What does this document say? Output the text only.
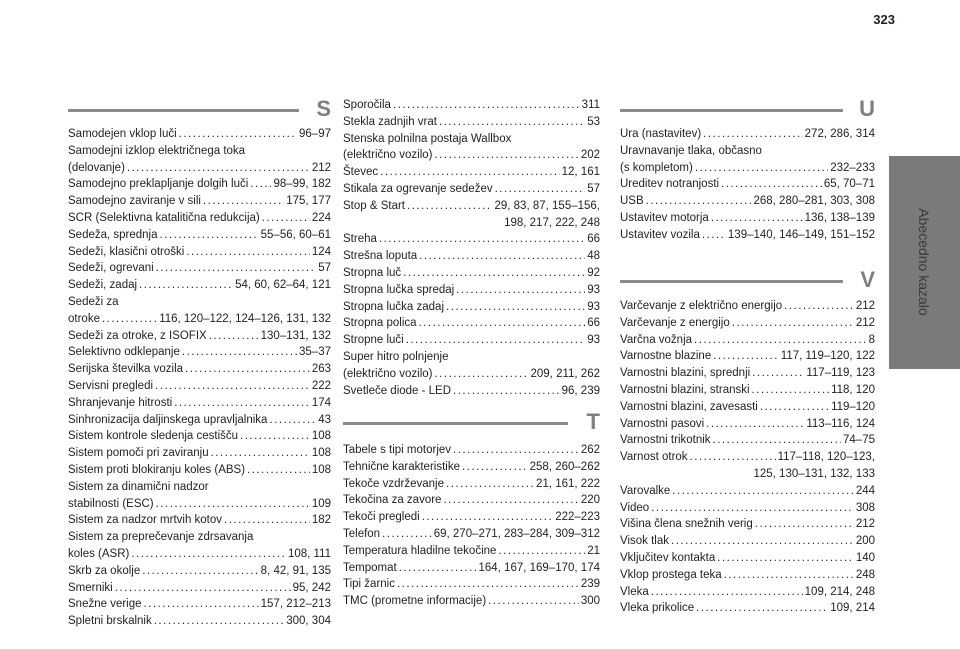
323
Abecedno kazalo
S
Samodejen vklop luči .....	96–97
Samodejni izklop električnega toka
(delovanje) .....	212
Samodejno preklapljanje dolgih luči ..... 98–99, 182
Samodejno zaviranje v sili .....	175, 177
SCR (Selektivna katalitična redukcija) .....	224
Sedeža, sprednja .....	55–56, 60–61
Sedeži, klasični otroški .....	124
Sedeži, ogrevani .....	57
Sedeži, zadaj .....	54, 60, 62–64, 121
Sedeži za
otroke .....	116, 120–122, 124–126, 131, 132
Sedeži za otroke, z ISOFIX .....	130–131, 132
Selektivno odklepanje .....	35–37
Serijska številka vozila .....	263
Servisni pregledi .....	222
Shranjevanje hitrosti .....	174
Sinhronizacija daljinskega upravljalnika .....	43
Sistem kontrole sledenja cestišču .....	108
Sistem pomoči pri zaviranju .....	108
Sistem proti blokiranju koles (ABS) .....	108
Sistem za dinamični nadzor
stabilnosti (ESC) .....	109
Sistem za nadzor mrtvih kotov .....	182
Sistem za preprečevanje zdrsavanja
koles (ASR) .....	108, 111
Skrb za okolje .....	8, 42, 91, 135
Smerniki .....	95, 242
Snežne verige .....	157, 212–213
Spletni brskalnik .....	300, 304
Sporočila .....	311
Stekla zadnjih vrat .....	53
Stenska polnilna postaja Wallbox
(električno vozilo) .....	202
Števec .....	12, 161
Stikala za ogrevanje sedežev .....	57
Stop & Start .....	29, 83, 87, 155–156,
198, 217, 222, 248
Streha .....	66
Strešna loputa .....	48
Stropna luč .....	92
Stropna lučka spredaj .....	93
Stropna lučka zadaj .....	93
Stropna polica .....	66
Stropne luči .....	93
Super hitro polnjenje
(električno vozilo) .....	209, 211, 262
Svetleče diode - LED .....	96, 239
T
Tabele s tipi motorjev .....	262
Tehnične karakteristike .....	258, 260–262
Tekoče vzdrževanje .....	21, 161, 222
Tekočina za zavore .....	220
Tekoči pregledi .....	222–223
Telefon .....	69, 270–271, 283–284, 309–312
Temperatura hladilne tekočine .....	21
Tempomat .....	164, 167, 169–170, 174
Tipi žarnic .....	239
TMC (prometne informacije) .....	300
U
Ura (nastavitev) .....	272, 286, 314
Uravnavanje tlaka, občasno
(s kompletom) .....	232–233
Ureditev notranjosti .....	65, 70–71
USB .....	268, 280–281, 303, 308
Ustavitev motorja .....	136, 138–139
Ustavitev vozila ..... 139–140, 146–149, 151–152
V
Varčevanje z električno energijo .....	212
Varčevanje z energijo .....	212
Varčna vožnja .....	8
Varnostne blazine .....	117, 119–120, 122
Varnostni blazini, sprednji .....	117–119, 123
Varnostni blazini, stranski .....	118, 120
Varnostni blazini, zavesasti .....	119–120
Varnostni pasovi .....	113–116, 124
Varnostni trikotnik .....	74–75
Varnost otrok .....	117–118, 120–123,
125, 130–131, 132, 133
Varovalke .....	244
Video .....	308
Višina člena snežnih verig .....	212
Visok tlak .....	200
Vključitev kontakta .....	140
Vklop prostega teka .....	248
Vleka .....	109, 214, 248
Vleka prikolice .....	109, 214
